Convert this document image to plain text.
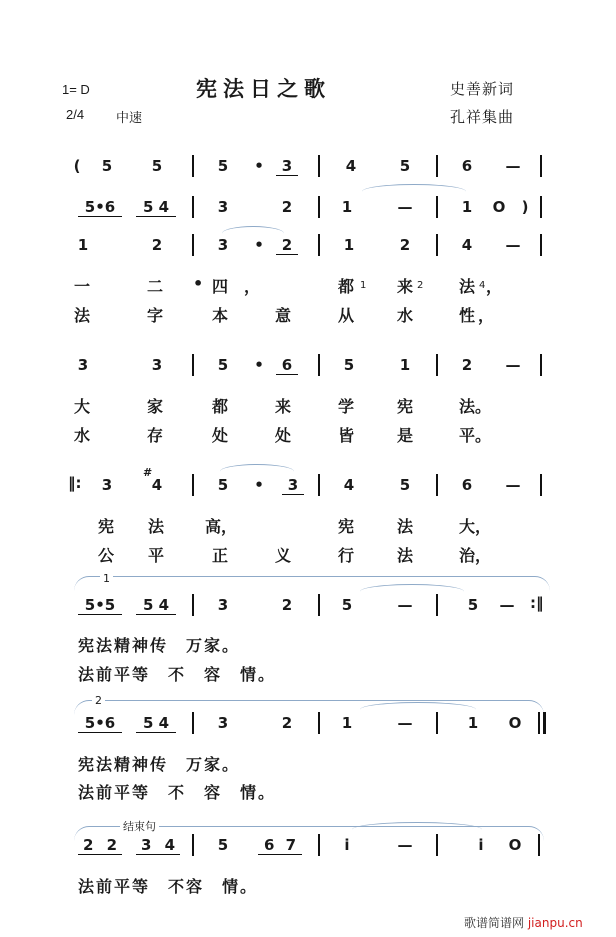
1= D
2/4 中速
宪法日之歌	史善新词
孔祥集曲
(	5	5	5	•	3	4	5	6	—
5•6	5 4	3	2	1	—	1	O	)
1	2	3	•	2	1	2	4	—
一	二 • 四 ，	都 1 来 2 法 4 ，
法	字	本	意	从	水	性 ，
3	3	5	•	6	5	1	2	—
大	家	都	来	学	宪	法。
水	存	处	处	皆	是	平。
‖:	3
#
4	5	•	3	4	5	6	—
宪 法	高，	宪	法	大，
公 平	正	义	行	法	治，
1
5•5	5 4	3	2	5	—	5	— :‖
宪法精神传　万家。
法前平等　不　容　情。
2
5•6	5 4	3	2	1	—	1	O
宪法精神传　万家。
法前平等　不　容　情。
结束句
2 2	3 4	5	6 7	i	—	i	O
法前平等　不容　情。
歌谱简谱网 jianpu.cn
